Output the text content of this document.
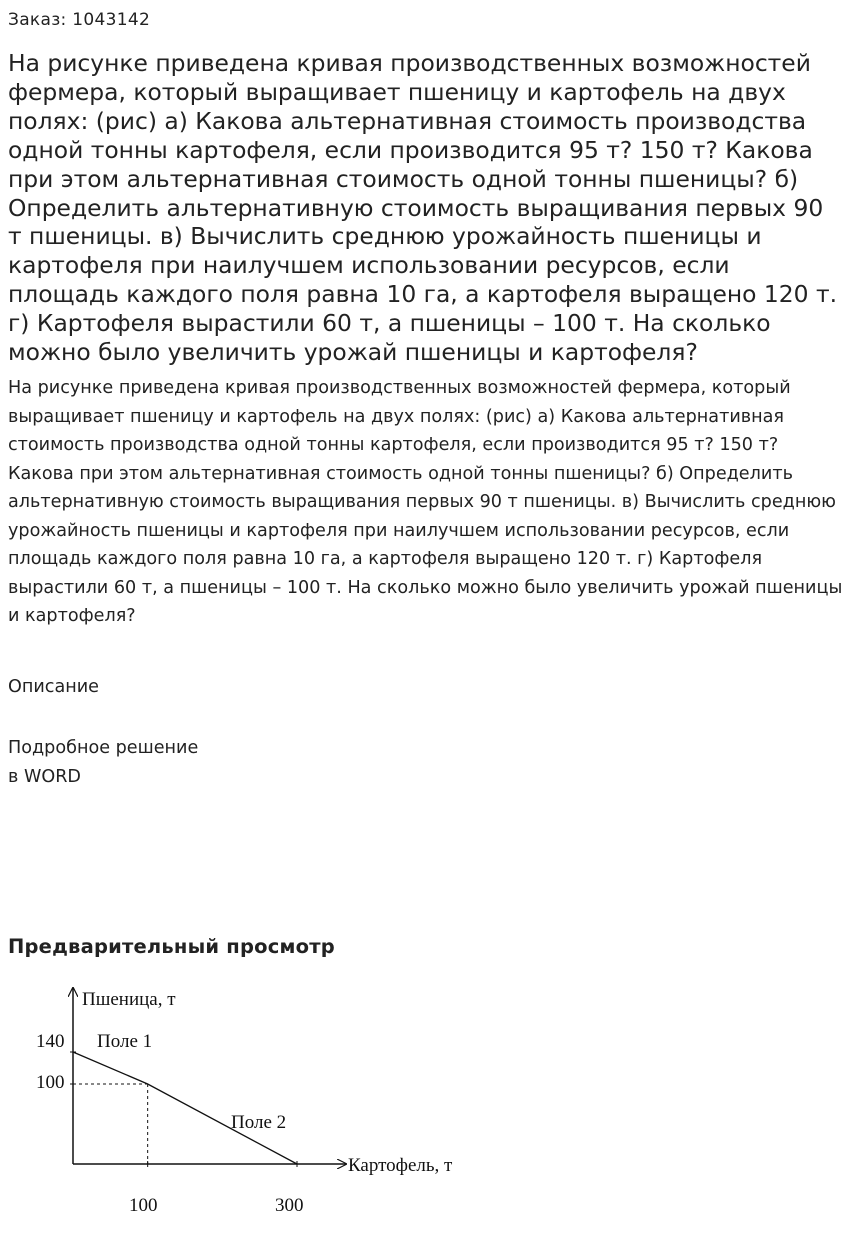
Заказ: 1043142
На рисунке приведена кривая производственных возможностей фермера, который выращивает пшеницу и картофель на двух полях: (рис) а) Какова альтернативная стоимость производства одной тонны картофеля, если производится 95 т? 150 т? Какова при этом альтернативная стоимость одной тонны пшеницы? б) Определить альтернативную стоимость выращивания первых 90 т пшеницы. в) Вычислить среднюю урожайность пшеницы и картофеля при наилучшем использовании ресурсов, если площадь каждого поля равна 10 га, а картофеля выращено 120 т. г) Картофеля вырастили 60 т, а пшеницы – 100 т. На сколько можно было увеличить урожай пшеницы и картофеля?

На рисунке приведена кривая производственных возможностей фермера, который выращивает пшеницу и картофель на двух полях: (рис) а) Какова альтернативная стоимость производства одной тонны картофеля, если производится 95 т? 150 т? Какова при этом альтернативная стоимость одной тонны пшеницы? б) Определить альтернативную стоимость выращивания первых 90 т пшеницы. в) Вычислить среднюю урожайность пшеницы и картофеля при наилучшем использовании ресурсов, если площадь каждого поля равна 10 га, а картофеля выращено 120 т. г) Картофеля вырастили 60 т, а пшеницы – 100 т. На сколько можно было увеличить урожай пшеницы и картофеля?

Описание
Подробное решение
в WORD
Предварительный просмотр
Пшеница, т
Картофель, т
140
100
100	300
Поле 1
Поле 2
